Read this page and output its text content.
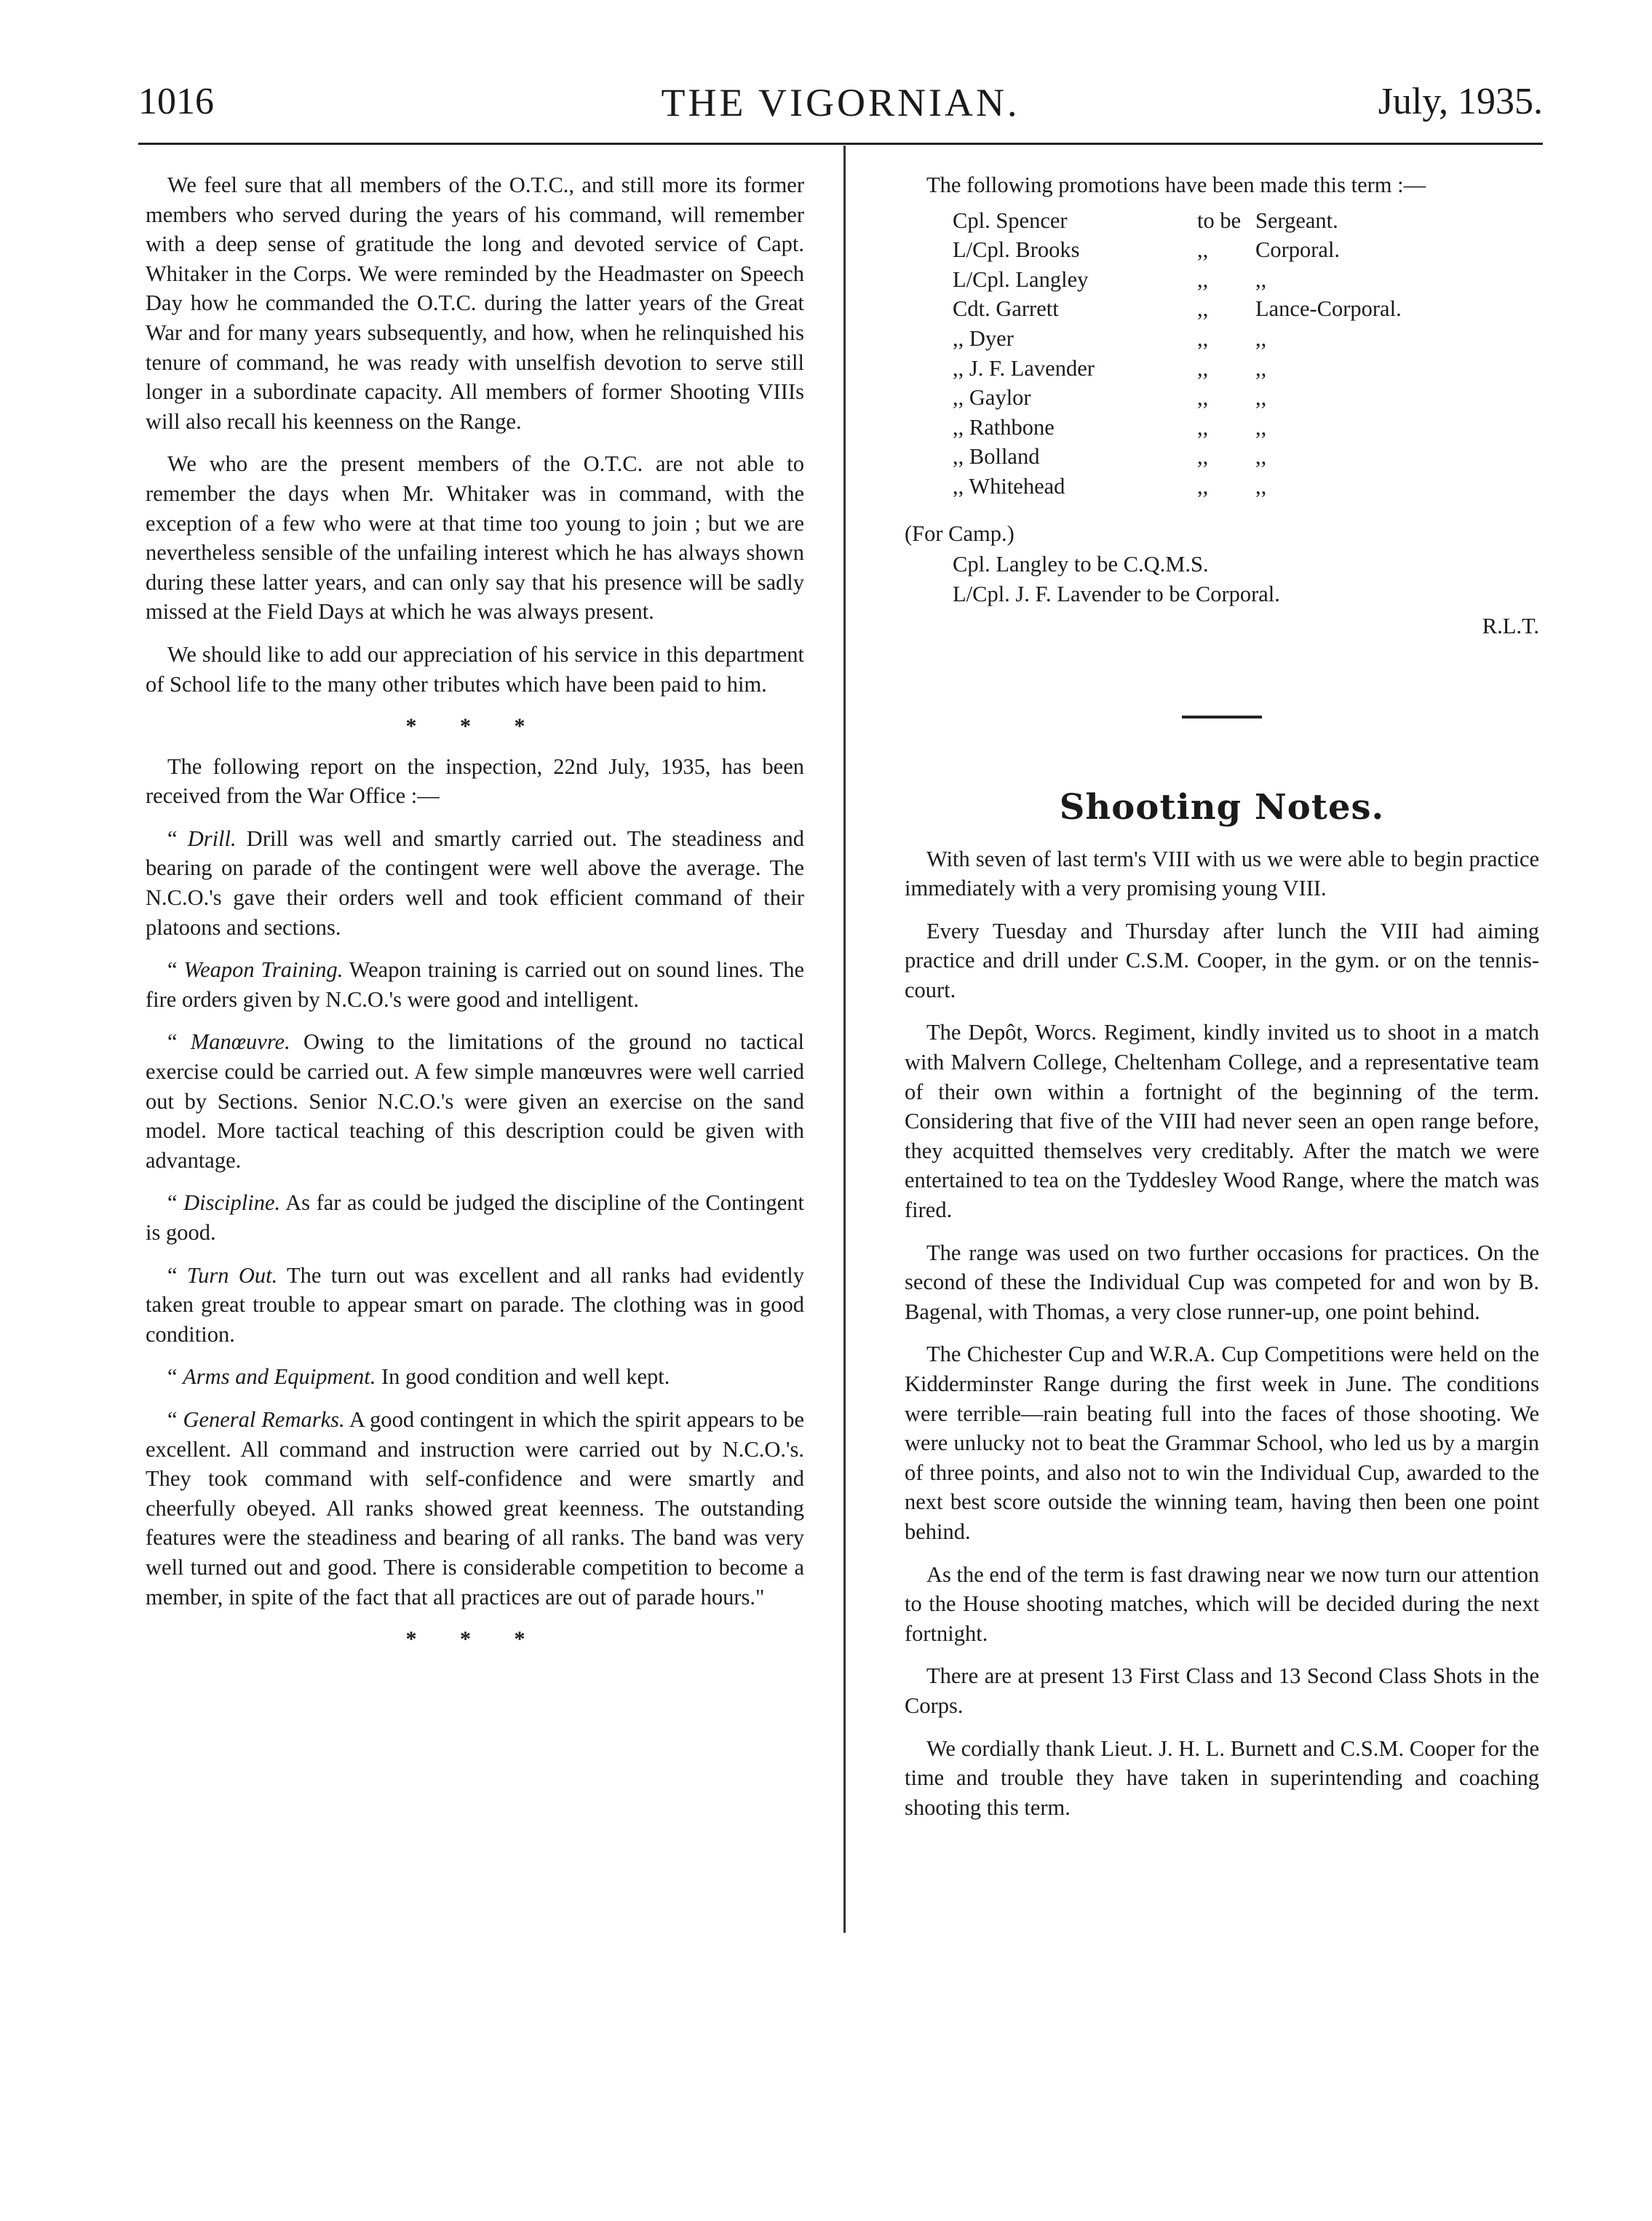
1016	THE VIGORNIAN.	July, 1935.

We feel sure that all members of the O.T.C., and still more its former members who served during the years of his command, will remember with a deep sense of gratitude the long and devoted service of Capt. Whitaker in the Corps. We were reminded by the Headmaster on Speech Day how he commanded the O.T.C. during the latter years of the Great War and for many years subsequently, and how, when he relinquished his tenure of command, he was ready with unselfish devotion to serve still longer in a subordinate capacity. All members of former Shooting VIIIs will also recall his keenness on the Range.

We who are the present members of the O.T.C. are not able to remember the days when Mr. Whitaker was in command, with the exception of a few who were at that time too young to join ; but we are nevertheless sensible of the unfailing interest which he has always shown during these latter years, and can only say that his presence will be sadly missed at the Field Days at which he was always present.

We should like to add our appreciation of his service in this department of School life to the many other tributes which have been paid to him.

* * *

The following report on the inspection, 22nd July, 1935, has been received from the War Office :—

“ Drill. Drill was well and smartly carried out. The steadiness and bearing on parade of the contingent were well above the average. The N.C.O.'s gave their orders well and took efficient command of their platoons and sections.

“ Weapon Training. Weapon training is carried out on sound lines. The fire orders given by N.C.O.'s were good and intelligent.

“ Manœuvre. Owing to the limitations of the ground no tactical exercise could be carried out. A few simple manœuvres were well carried out by Sections. Senior N.C.O.'s were given an exercise on the sand model. More tactical teaching of this description could be given with advantage.

“ Discipline. As far as could be judged the discipline of the Contingent is good.

“ Turn Out. The turn out was excellent and all ranks had evidently taken great trouble to appear smart on parade. The clothing was in good condition.

“ Arms and Equipment. In good condition and well kept.

“ General Remarks. A good contingent in which the spirit appears to be excellent. All command and instruction were carried out by N.C.O.'s. They took command with self-confidence and were smartly and cheerfully obeyed. All ranks showed great keenness. The outstanding features were the steadiness and bearing of all ranks. The band was very well turned out and good. There is considerable competition to become a member, in spite of the fact that all practices are out of parade hours."

* * *
The following promotions have been made this term :—
Cpl. Spencer	to be	Sergeant.
L/Cpl. Brooks	,,	Corporal.
L/Cpl. Langley	,,	,,
Cdt. Garrett	,,	Lance-Corporal.
,, Dyer	,,	,,
,, J. F. Lavender	,,	,,
,, Gaylor	,,	,,
,, Rathbone	,,	,,
,, Bolland	,,	,,
,, Whitehead	,,	,,
(For Camp.)
Cpl. Langley to be C.Q.M.S.
L/Cpl. J. F. Lavender to be Corporal.
R.L.T.
Shooting Notes.

With seven of last term's VIII with us we were able to begin practice immediately with a very promising young VIII.

Every Tuesday and Thursday after lunch the VIII had aiming practice and drill under C.S.M. Cooper, in the gym. or on the tennis-court.

The Depôt, Worcs. Regiment, kindly invited us to shoot in a match with Malvern College, Cheltenham College, and a representative team of their own within a fortnight of the beginning of the term. Considering that five of the VIII had never seen an open range before, they acquitted themselves very creditably. After the match we were entertained to tea on the Tyddesley Wood Range, where the match was fired.

The range was used on two further occasions for practices. On the second of these the Individual Cup was competed for and won by B. Bagenal, with Thomas, a very close runner-up, one point behind.

The Chichester Cup and W.R.A. Cup Competitions were held on the Kidderminster Range during the first week in June. The conditions were terrible—rain beating full into the faces of those shooting. We were unlucky not to beat the Grammar School, who led us by a margin of three points, and also not to win the Individual Cup, awarded to the next best score outside the winning team, having then been one point behind.

As the end of the term is fast drawing near we now turn our attention to the House shooting matches, which will be decided during the next fortnight.

There are at present 13 First Class and 13 Second Class Shots in the Corps.

We cordially thank Lieut. J. H. L. Burnett and C.S.M. Cooper for the time and trouble they have taken in superintending and coaching shooting this term.
